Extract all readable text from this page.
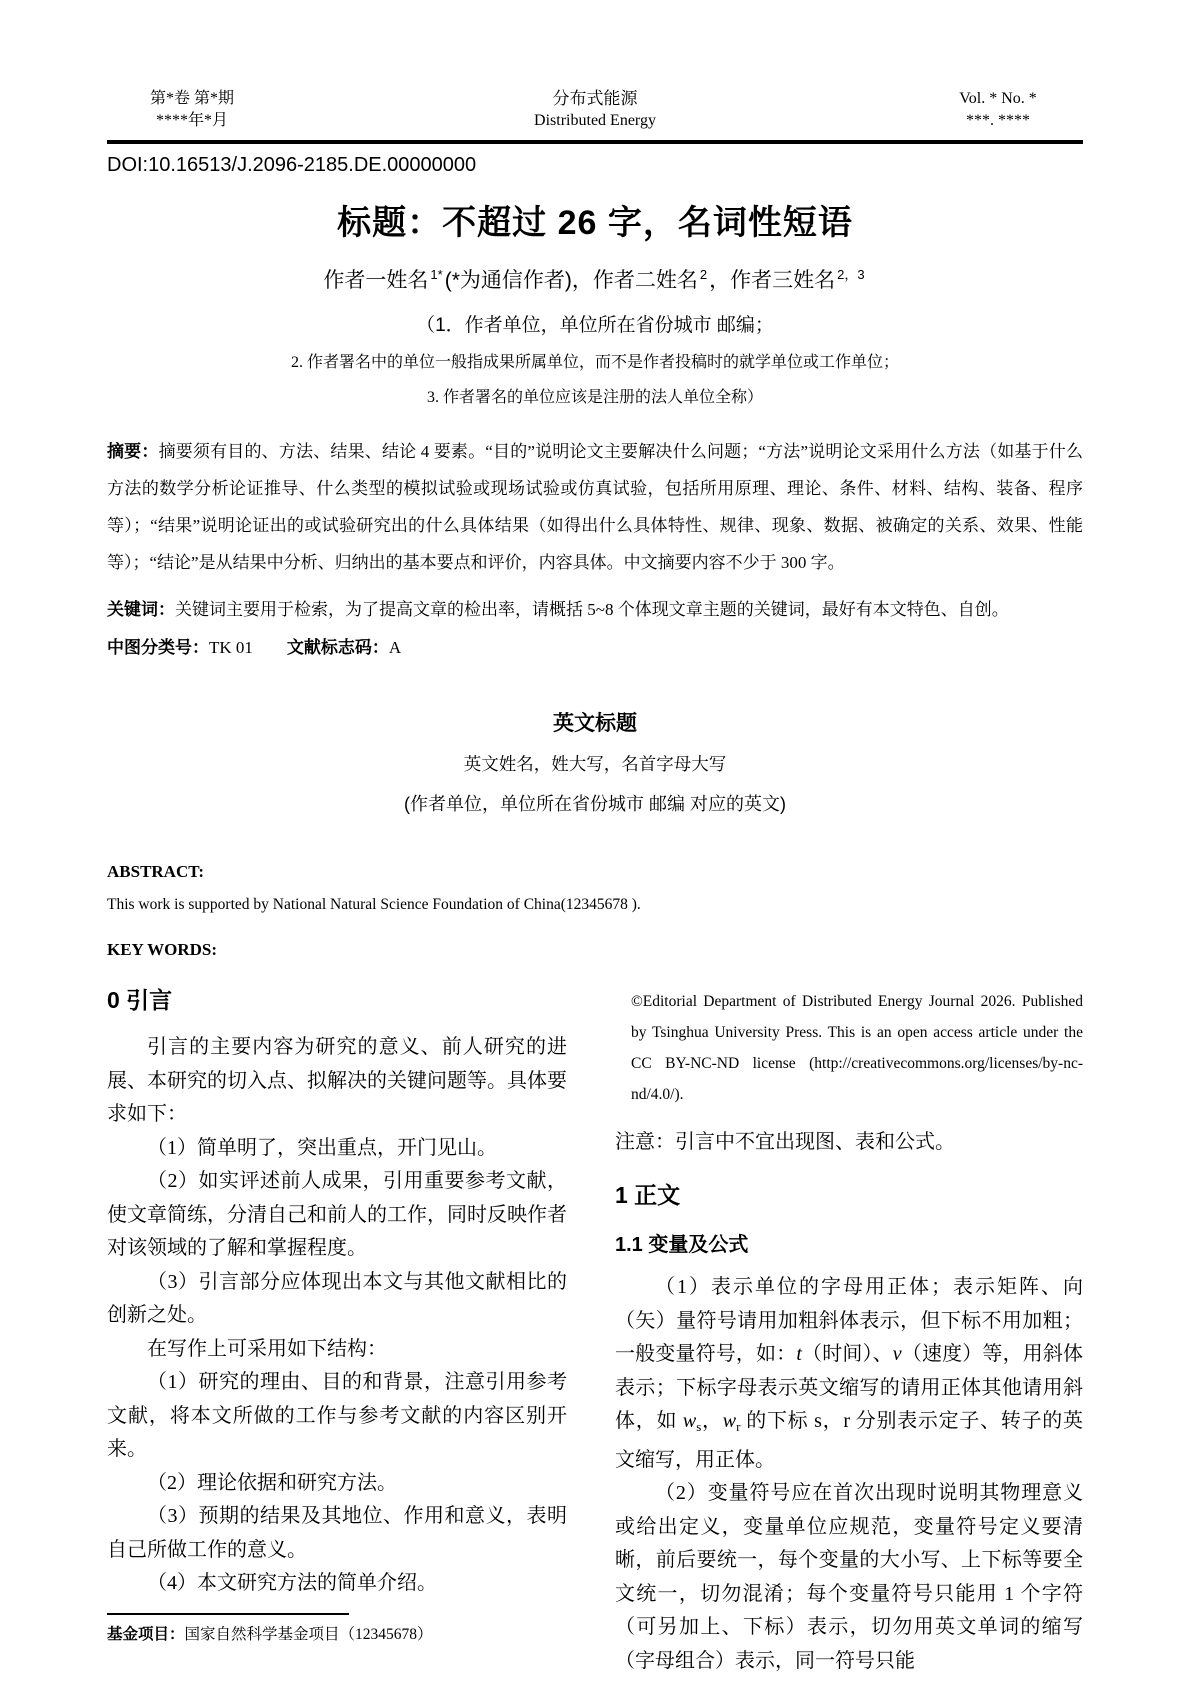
第*卷 第*期
****年*月
分布式能源
Distributed Energy
Vol. * No. *
***. ****
DOI:10.16513/J.2096-2185.DE.00000000
标题：不超过 26 字，名词性短语
作者一姓名 $^{1*}$(*为通信作者)，作者二姓名 $^2$，作者三姓名 $^{2,3}$
（1．作者单位，单位所在省份城市 邮编；
2. 作者署名中的单位一般指成果所属单位，而不是作者投稿时的就学单位或工作单位；
3. 作者署名的单位应该是注册的法人单位全称）

摘要：摘要须有目的、方法、结果、结论 4 要素。“目的”说明论文主要解决什么问题；“方法”说明论文采用什么方法（如基于什么方法的数学分析论证推导、什么类型的模拟试验或现场试验或仿真试验，包括所用原理、理论、条件、材料、结构、装备、程序等）；“结果”说明论证出的或试验研究出的什么具体结果（如得出什么具体特性、规律、现象、数据、被确定的关系、效果、性能等）；“结论”是从结果中分析、归纳出的基本要点和评价，内容具体。中文摘要内容不少于 300 字。

关键词：关键词主要用于检索，为了提高文章的检出率，请概括 5~8 个体现文章主题的关键词，最好有本文特色、自创。

中图分类号：TK 01 文献标志码：A

英文标题
英文姓名，姓大写，名首字母大写
(作者单位，单位所在省份城市 邮编 对应的英文)

ABSTRACT:

This work is supported by National Natural Science Foundation of China(12345678 ).

KEY WORDS:

0 引言

引言的主要内容为研究的意义、前人研究的进展、本研究的切入点、拟解决的关键问题等。具体要求如下：

（1）简单明了，突出重点，开门见山。

（2）如实评述前人成果，引用重要参考文献，使文章简练，分清自己和前人的工作，同时反映作者对该领域的了解和掌握程度。

（3）引言部分应体现出本文与其他文献相比的创新之处。

在写作上可采用如下结构：

（1）研究的理由、目的和背景，注意引用参考文献，将本文所做的工作与参考文献的内容区别开来。

（2）理论依据和研究方法。

（3）预期的结果及其地位、作用和意义，表明自己所做工作的意义。

（4）本文研究方法的简单介绍。

基金项目：国家自然科学基金项目（12345678）

©Editorial Department of Distributed Energy Journal 2026. Published by Tsinghua University Press. This is an open access article under the CC BY-NC-ND license (http://creativecommons.org/licenses/by-nc-nd/4.0/).

注意：引言中不宜出现图、表和公式。

1 正文
1.1 变量及公式

（1）表示单位的字母用正体；表示矩阵、向（矢）量符号请用加粗斜体表示，但下标不用加粗；一般变量符号，如：t（时间）、v（速度）等，用斜体表示；下标字母表示英文缩写的请用正体其他请用斜体，如 $w_s$，$w_r$ 的下标 s，r 分别表示定子、转子的英文缩写，用正体。

（2）变量符号应在首次出现时说明其物理意义或给出定义，变量单位应规范，变量符号定义要清晰，前后要统一，每个变量的大小写、上下标等要全文统一，切勿混淆；每个变量符号只能用 1 个字符（可另加上、下标）表示，切勿用英文单词的缩写（字母组合）表示，同一符号只能
